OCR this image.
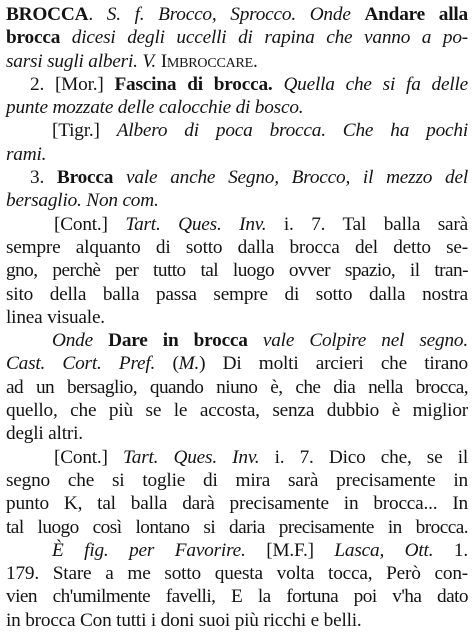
BROCCA. S. f. Brocco, Sprocco. Onde Andare alla
brocca dicesi degli uccelli di rapina che vanno a po-
sarsi sugli alberi. V. Imbroccare.
2. [Mor.] Fascina di brocca. Quella che si fa delle
punte mozzate delle calocchie di bosco.
[Tigr.] Albero di poca brocca. Che ha pochi
rami.
3. Brocca vale anche Segno, Brocco, il mezzo del
bersaglio. Non com.
[Cont.] Tart. Ques. Inv. i. 7. Tal balla sarà
sempre alquanto di sotto dalla brocca del detto se-
gno, perchè per tutto tal luogo ovver spazio, il tran-
sito della balla passa sempre di sotto dalla nostra
linea visuale.
Onde Dare in brocca vale Colpire nel segno.
Cast. Cort. Pref. (M.) Di molti arcieri che tirano
ad un bersaglio, quando niuno è, che dia nella brocca,
quello, che più se le accosta, senza dubbio è miglior
degli altri.
[Cont.] Tart. Ques. Inv. i. 7. Dico che, se il
segno che si toglie di mira sarà precisamente in
punto K, tal balla darà precisamente in brocca... In
tal luogo così lontano si daria precisamente in brocca.
È fig. per Favorire. [M.F.] Lasca, Ott. 1.
179. Stare a me sotto questa volta tocca, Però con-
vien ch'umilmente favelli, E la fortuna poi v'ha dato
in brocca Con tutti i doni suoi più ricchi e belli.
